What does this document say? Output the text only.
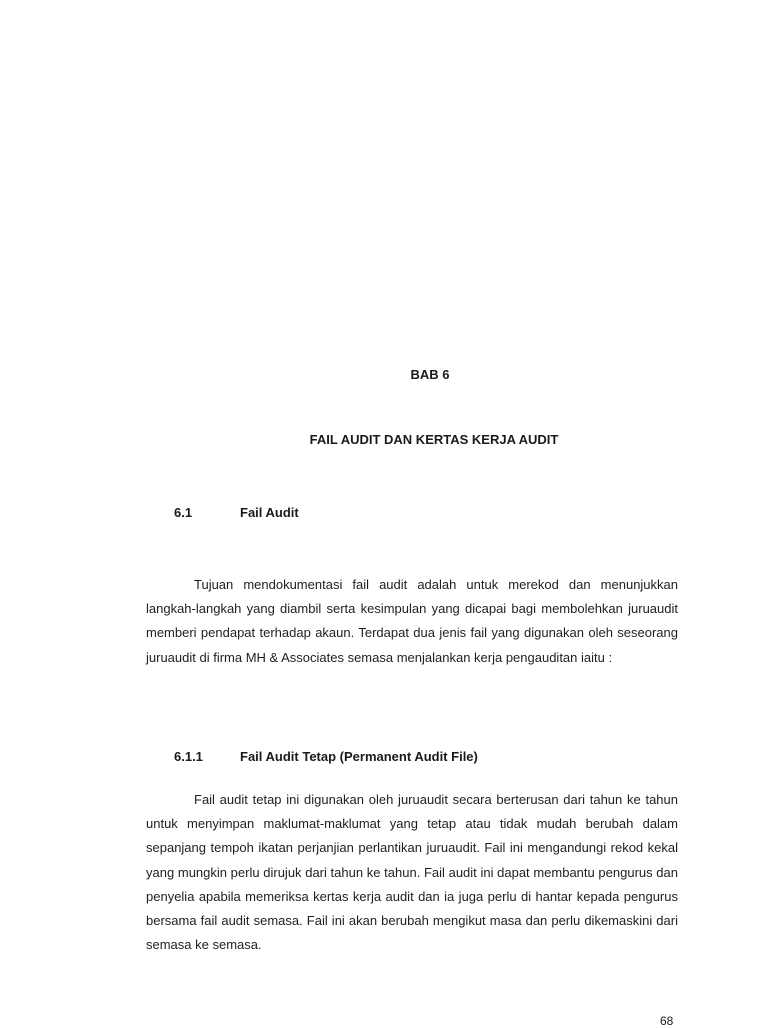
BAB 6
FAIL AUDIT DAN KERTAS KERJA AUDIT
6.1	Fail Audit

Tujuan mendokumentasi fail audit adalah untuk merekod dan menunjukkan langkah-langkah yang diambil serta kesimpulan yang dicapai bagi membolehkan juruaudit memberi pendapat terhadap akaun. Terdapat dua jenis fail yang digunakan oleh seseorang juruaudit di firma MH & Associates semasa menjalankan kerja pengauditan iaitu :

6.1.1	Fail Audit Tetap (Permanent Audit File)

Fail audit tetap ini digunakan oleh juruaudit secara berterusan dari tahun ke tahun untuk menyimpan maklumat-maklumat yang tetap atau tidak mudah berubah dalam sepanjang tempoh ikatan perjanjian perlantikan juruaudit. Fail ini mengandungi rekod kekal yang mungkin perlu dirujuk dari tahun ke tahun. Fail audit ini dapat membantu pengurus dan penyelia apabila memeriksa kertas kerja audit dan ia juga perlu di hantar kepada pengurus bersama fail audit semasa. Fail ini akan berubah mengikut masa dan perlu dikemaskini dari semasa ke semasa.

68
